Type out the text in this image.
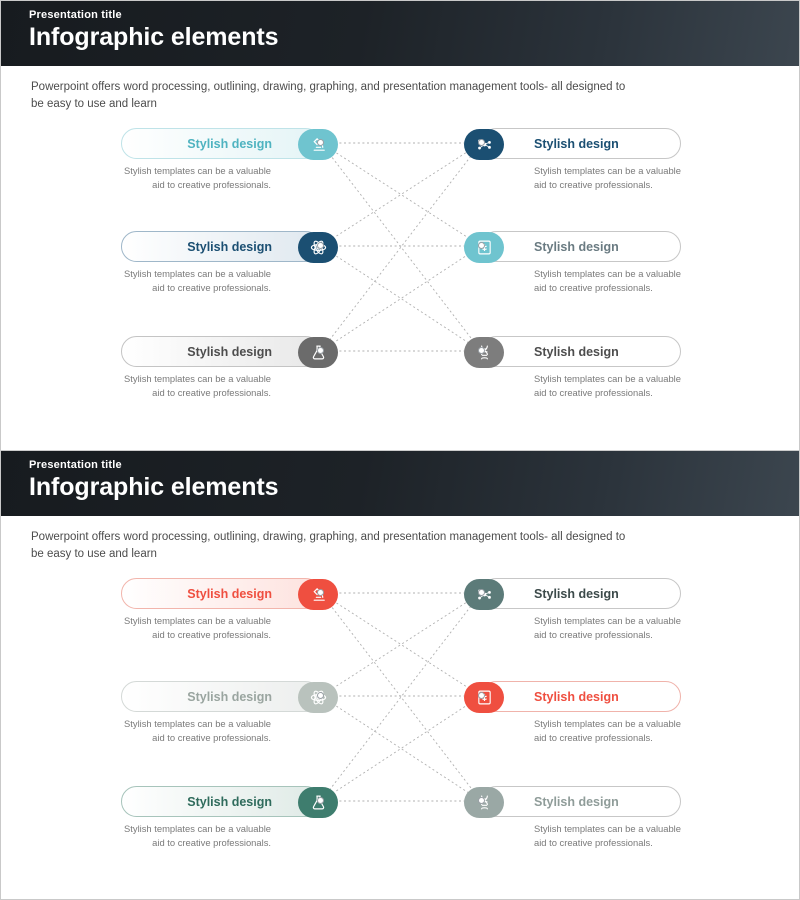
Presentation title
Infographic elements
Powerpoint offers word processing, outlining, drawing, graphing, and presentation management tools- all designed to be easy to use and learn
Stylish design
Stylish templates can be a valuable aid to creative professionals.
Stylish design
Stylish templates can be a valuable aid to creative professionals.
Stylish design
Stylish templates can be a valuable aid to creative professionals.
Stylish design
Stylish templates can be a valuable aid to creative professionals.
Stylish design
Stylish templates can be a valuable aid to creative professionals.
Stylish design
Stylish templates can be a valuable aid to creative professionals.
Presentation title
Infographic elements
Powerpoint offers word processing, outlining, drawing, graphing, and presentation management tools- all designed to be easy to use and learn
Stylish design
Stylish templates can be a valuable aid to creative professionals.
Stylish design
Stylish templates can be a valuable aid to creative professionals.
Stylish design
Stylish templates can be a valuable aid to creative professionals.
Stylish design
Stylish templates can be a valuable aid to creative professionals.
Stylish design
Stylish templates can be a valuable aid to creative professionals.
Stylish design
Stylish templates can be a valuable aid to creative professionals.
